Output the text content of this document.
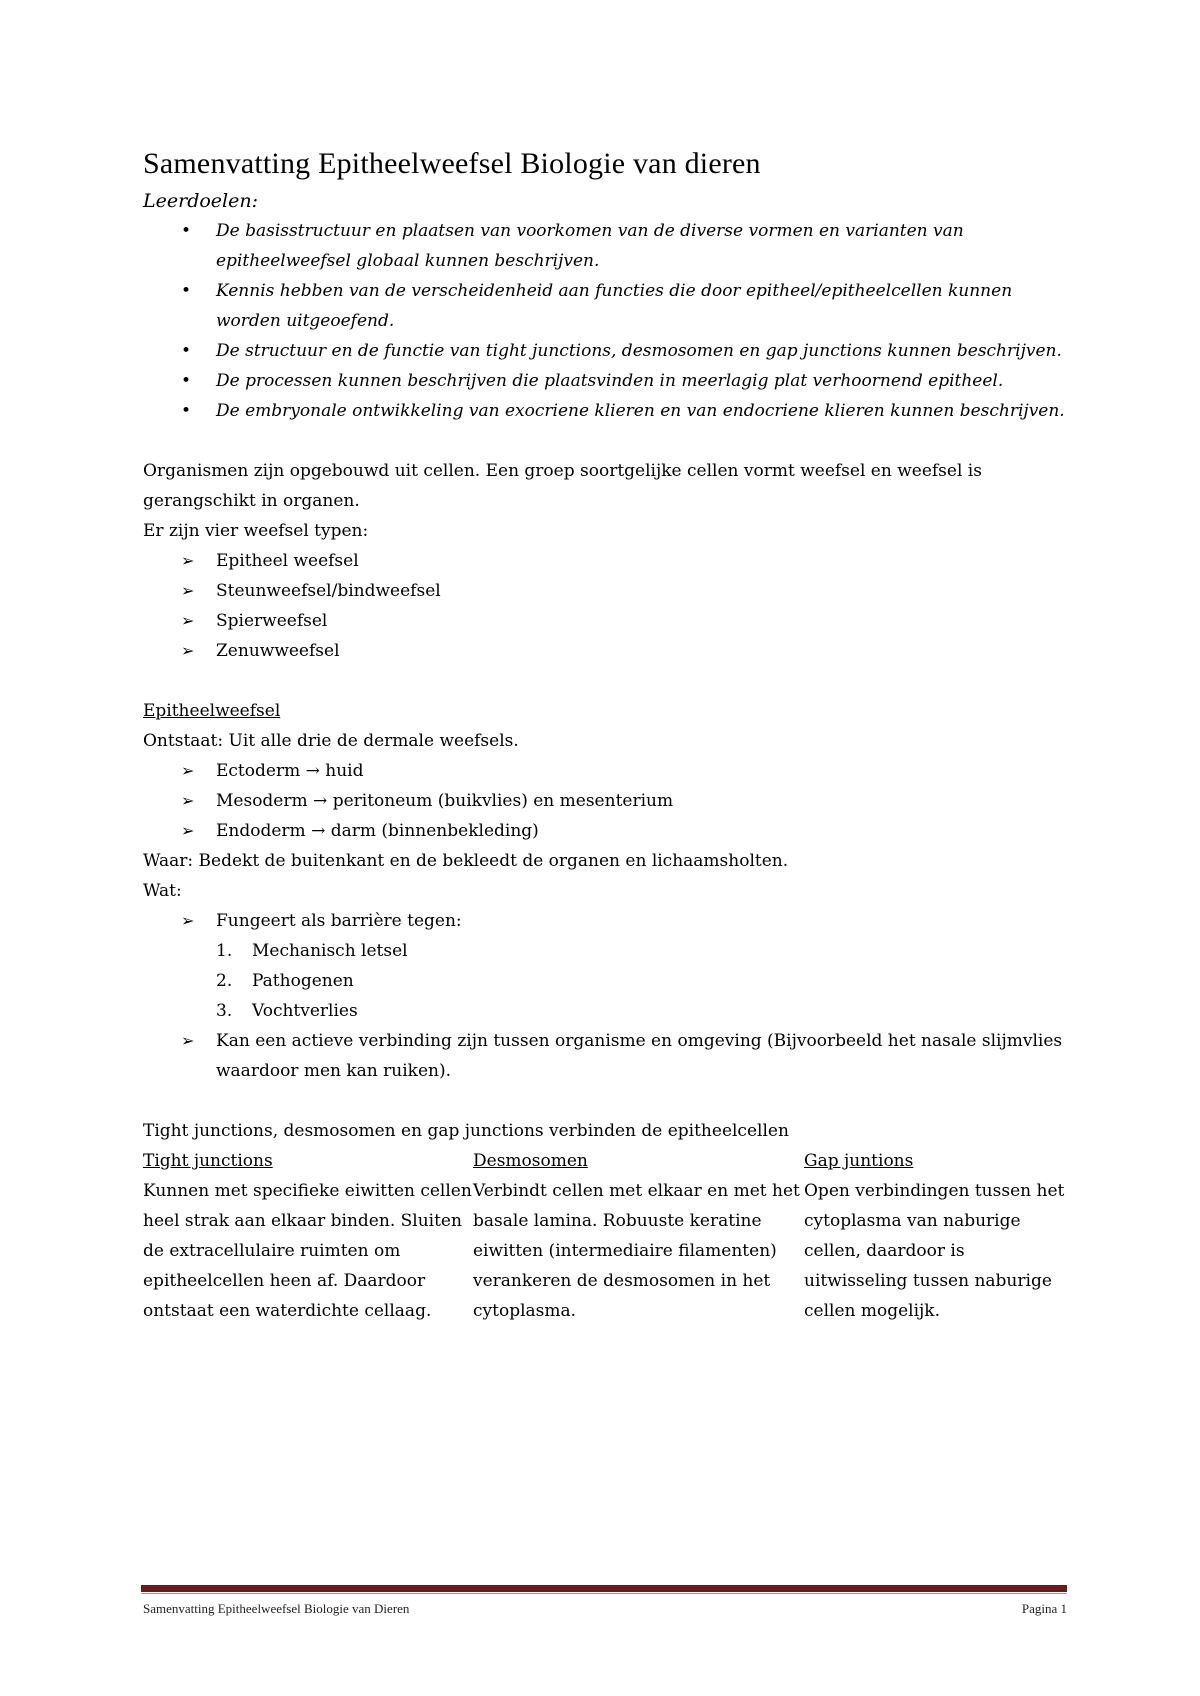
Samenvatting Epitheelweefsel Biologie van dieren
Leerdoelen:
• De basisstructuur en plaatsen van voorkomen van de diverse vormen en varianten van epitheelweefsel globaal kunnen beschrijven.
• Kennis hebben van de verscheidenheid aan functies die door epitheel/epitheelcellen kunnen worden uitgeoefend.
• De structuur en de functie van tight junctions, desmosomen en gap junctions kunnen beschrijven.
• De processen kunnen beschrijven die plaatsvinden in meerlagig plat verhoornend epitheel.
• De embryonale ontwikkeling van exocriene klieren en van endocriene klieren kunnen beschrijven.

Organismen zijn opgebouwd uit cellen. Een groep soortgelijke cellen vormt weefsel en weefsel is gerangschikt in organen.

Er zijn vier weefsel typen:

➢ Epitheel weefsel
➢ Steunweefsel/bindweefsel
➢ Spierweefsel
➢ Zenuwweefsel

Epitheelweefsel

Ontstaat: Uit alle drie de dermale weefsels.

➢ Ectoderm → huid
➢ Mesoderm → peritoneum (buikvlies) en mesenterium
➢ Endoderm → darm (binnenbekleding)

Waar: Bedekt de buitenkant en de bekleedt de organen en lichaamsholten.

Wat:

➢ Fungeert als barrière tegen:
1. Mechanisch letsel
2. Pathogenen
3. Vochtverlies
➢ Kan een actieve verbinding zijn tussen organisme en omgeving (Bijvoorbeeld het nasale slijmvlies waardoor men kan ruiken).

Tight junctions, desmosomen en gap junctions verbinden de epitheelcellen

Tight junctions

Kunnen met specifieke eiwitten cellen heel strak aan elkaar binden. Sluiten de extracellulaire ruimten om epitheelcellen heen af. Daardoor ontstaat een waterdichte cellaag.

Desmosomen

Verbindt cellen met elkaar en met het basale lamina. Robuuste keratine eiwitten (intermediaire filamenten) verankeren de desmosomen in het cytoplasma.

Gap juntions

Open verbindingen tussen het cytoplasma van naburige cellen, daardoor is uitwisseling tussen naburige cellen mogelijk.

Samenvatting Epitheelweefsel Biologie van Dieren	Pagina 1
